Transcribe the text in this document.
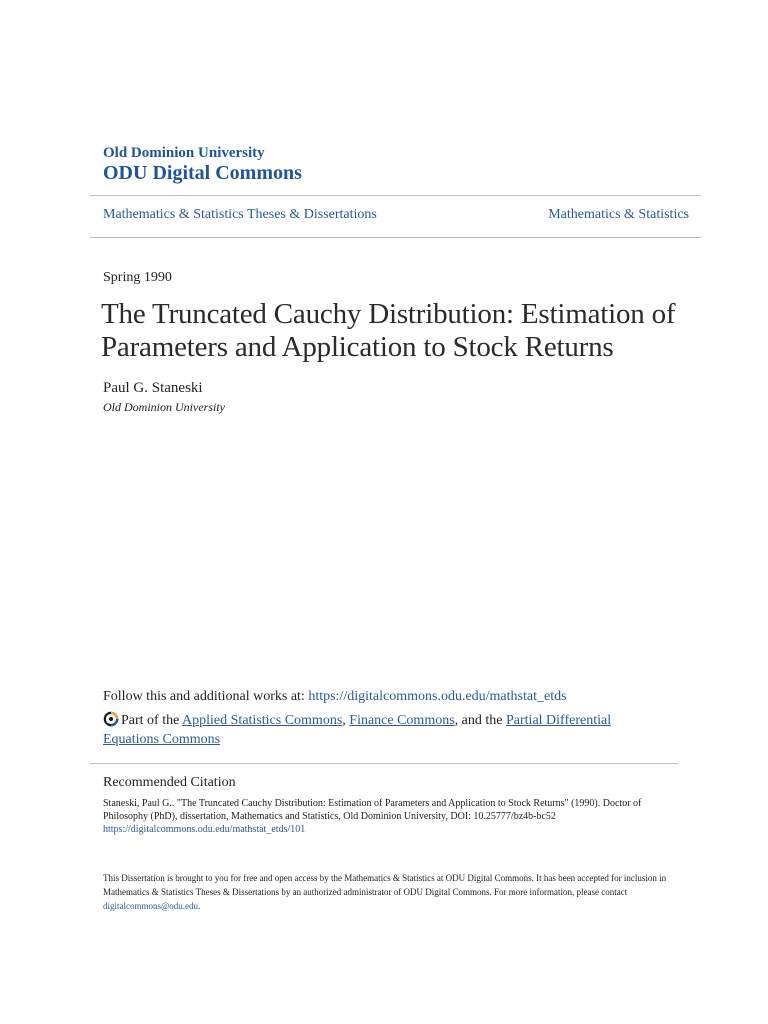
Old Dominion University
ODU Digital Commons
Mathematics & Statistics Theses & Dissertations	Mathematics & Statistics
Spring 1990
The Truncated Cauchy Distribution: Estimation of Parameters and Application to Stock Returns
Paul G. Staneski
Old Dominion University
Follow this and additional works at: https://digitalcommons.odu.edu/mathstat_etds
Part of the Applied Statistics Commons, Finance Commons, and the Partial Differential Equations Commons
Recommended Citation
Staneski, Paul G.. "The Truncated Cauchy Distribution: Estimation of Parameters and Application to Stock Returns" (1990). Doctor of Philosophy (PhD), dissertation, Mathematics and Statistics, Old Dominion University, DOI: 10.25777/bz4b-bc52
https://digitalcommons.odu.edu/mathstat_etds/101
This Dissertation is brought to you for free and open access by the Mathematics & Statistics at ODU Digital Commons. It has been accepted for inclusion in Mathematics & Statistics Theses & Dissertations by an authorized administrator of ODU Digital Commons. For more information, please contact digitalcommons@odu.edu.
